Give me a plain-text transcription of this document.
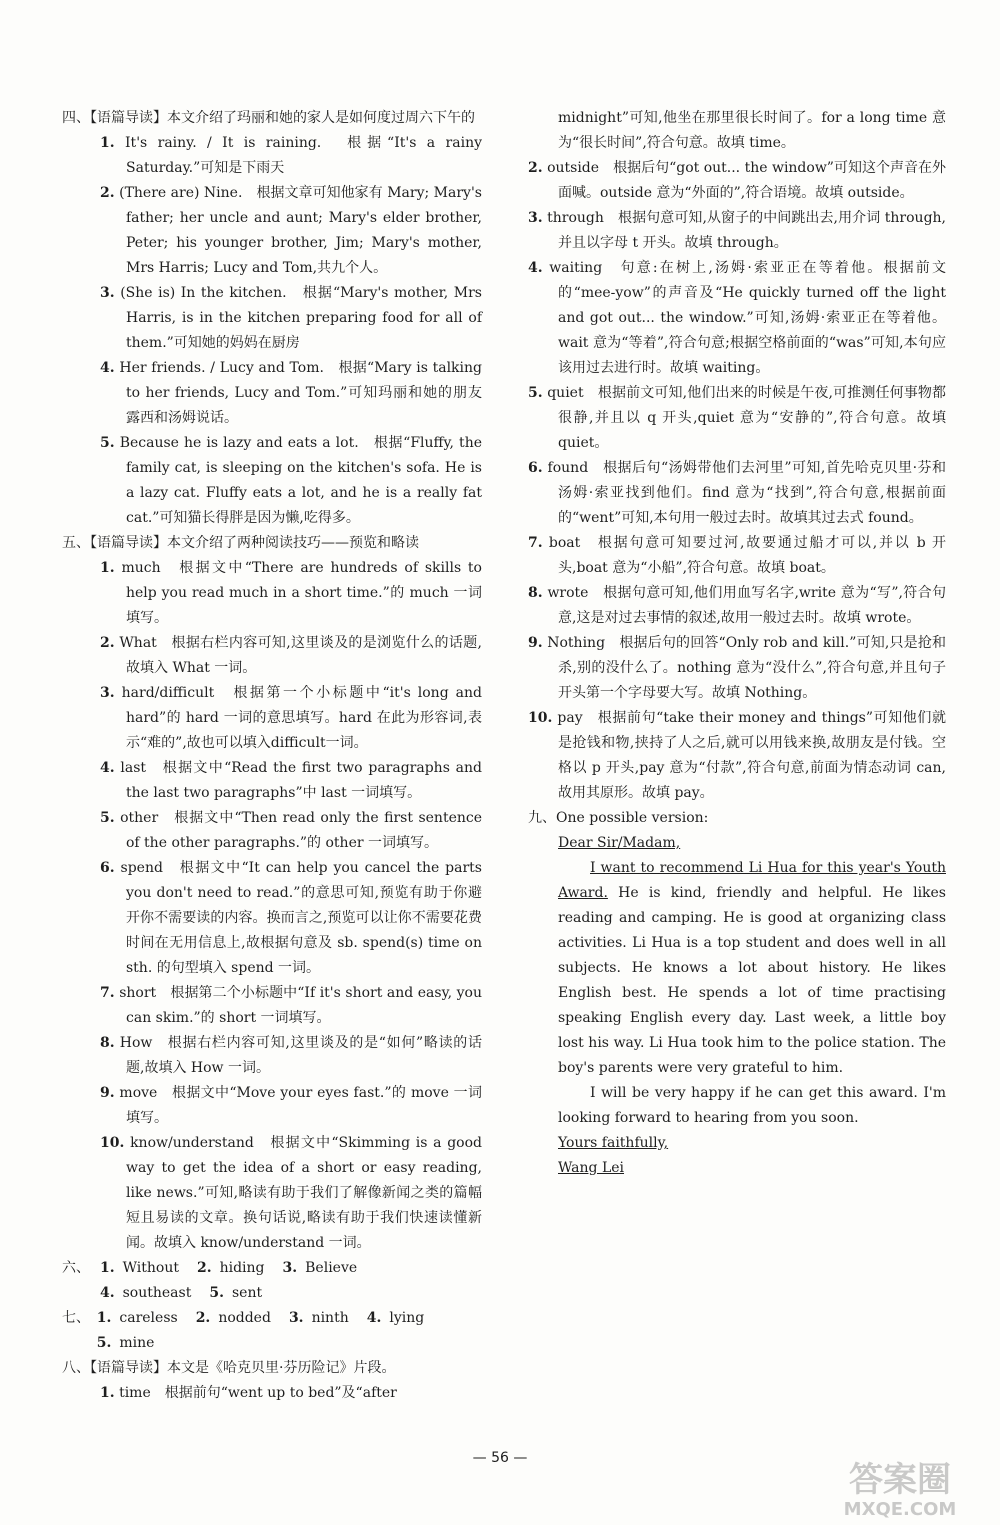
四、【语篇导读】本文介绍了玛丽和她的家人是如何度过周六下午的

1. It's rainy. / It is raining.　根据“It's a rainy Saturday.”可知是下雨天

2. (There are) Nine.　根据文章可知他家有 Mary; Mary's father; her uncle and aunt; Mary's elder brother, Peter; his younger brother, Jim; Mary's mother, Mrs Harris; Lucy and Tom,共九个人。

3. (She is) In the kitchen.　根据“Mary's mother, Mrs Harris, is in the kitchen preparing food for all of them.”可知她的妈妈在厨房

4. Her friends. / Lucy and Tom.　根据“Mary is talking to her friends, Lucy and Tom.”可知玛丽和她的朋友露西和汤姆说话。

5. Because he is lazy and eats a lot.　根据“Fluffy, the family cat, is sleeping on the kitchen's sofa. He is a lazy cat. Fluffy eats a lot, and he is a really fat cat.”可知猫长得胖是因为懒,吃得多。

五、【语篇导读】本文介绍了两种阅读技巧——预览和略读

1. much　根据文中“There are hundreds of skills to help you read much in a short time.”的 much 一词填写。

2. What　根据右栏内容可知,这里谈及的是浏览什么的话题,故填入 What 一词。

3. hard/difficult　根据第一个小标题中“it's long and hard”的 hard 一词的意思填写。hard 在此为形容词,表示“难的”,故也可以填入difficult一词。

4. last　根据文中“Read the first two paragraphs and the last two paragraphs”中 last 一词填写。

5. other　根据文中“Then read only the first sentence of the other paragraphs.”的 other 一词填写。

6. spend　根据文中“It can help you cancel the parts you don't need to read.”的意思可知,预览有助于你避开你不需要读的内容。换而言之,预览可以让你不需要花费时间在无用信息上,故根据句意及 sb. spend(s) time on sth. 的句型填入 spend 一词。

7. short　根据第二个小标题中“If it's short and easy, you can skim.”的 short 一词填写。

8. How　根据右栏内容可知,这里谈及的是“如何”略读的话题,故填入 How 一词。

9. move　根据文中“Move your eyes fast.”的 move 一词填写。

10. know/understand　根据文中“Skimming is a good way to get the idea of a short or easy reading, like news.”可知,略读有助于我们了解像新闻之类的篇幅短且易读的文章。换句话说,略读有助于我们快速读懂新闻。故填入 know/understand 一词。

六、 1. Without 2. hiding 3. Believe4. southeast 5. sent
七、 1. careless 2. nodded 3. ninth 4. lying5. mine

八、【语篇导读】本文是《哈克贝里·芬历险记》片段。

1. time　根据前句“went up to bed”及“after

midnight”可知,他坐在那里很长时间了。for a long time 意为“很长时间”,符合句意。故填 time。

2. outside　根据后句“got out... the window”可知这个声音在外面喊。outside 意为“外面的”,符合语境。故填 outside。

3. through　根据句意可知,从窗子的中间跳出去,用介词 through,并且以字母 t 开头。故填 through。

4. waiting　句意:在树上,汤姆·索亚正在等着他。根据前文的“mee-yow”的声音及“He quickly turned off the light and got out... the window.”可知,汤姆·索亚正在等着他。wait 意为“等着”,符合句意;根据空格前面的“was”可知,本句应该用过去进行时。故填 waiting。

5. quiet　根据前文可知,他们出来的时候是午夜,可推测任何事物都很静,并且以 q 开头,quiet 意为“安静的”,符合句意。故填 quiet。

6. found　根据后句“汤姆带他们去河里”可知,首先哈克贝里·芬和汤姆·索亚找到他们。find 意为“找到”,符合句意,根据前面的“went”可知,本句用一般过去时。故填其过去式 found。

7. boat　根据句意可知要过河,故要通过船才可以,并以 b 开头,boat 意为“小船”,符合句意。故填 boat。

8. wrote　根据句意可知,他们用血写名字,write 意为“写”,符合句意,这是对过去事情的叙述,故用一般过去时。故填 wrote。

9. Nothing　根据后句的回答“Only rob and kill.”可知,只是抢和杀,别的没什么了。nothing 意为“没什么”,符合句意,并且句子开头第一个字母要大写。故填 Nothing。

10. pay　根据前句“take their money and things”可知他们就是抢钱和物,挟持了人之后,就可以用钱来换,故朋友是付钱。空格以 p 开头,pay 意为“付款”,符合句意,前面为情态动词 can,故用其原形。故填 pay。

九、One possible version:

Dear Sir/Madam,

I want to recommend Li Hua for this year's Youth Award. He is kind, friendly and helpful. He likes reading and camping. He is good at organizing class activities. Li Hua is a top student and does well in all subjects. He knows a lot about history. He likes English best. He spends a lot of time practising speaking English every day. Last week, a little boy lost his way. Li Hua took him to the police station. The boy's parents were very grateful to him.

I will be very happy if he can get this award. I'm looking forward to hearing from you soon.

Yours faithfully,

Wang Lei

— 56 —
答案圈
MXQE.COM
